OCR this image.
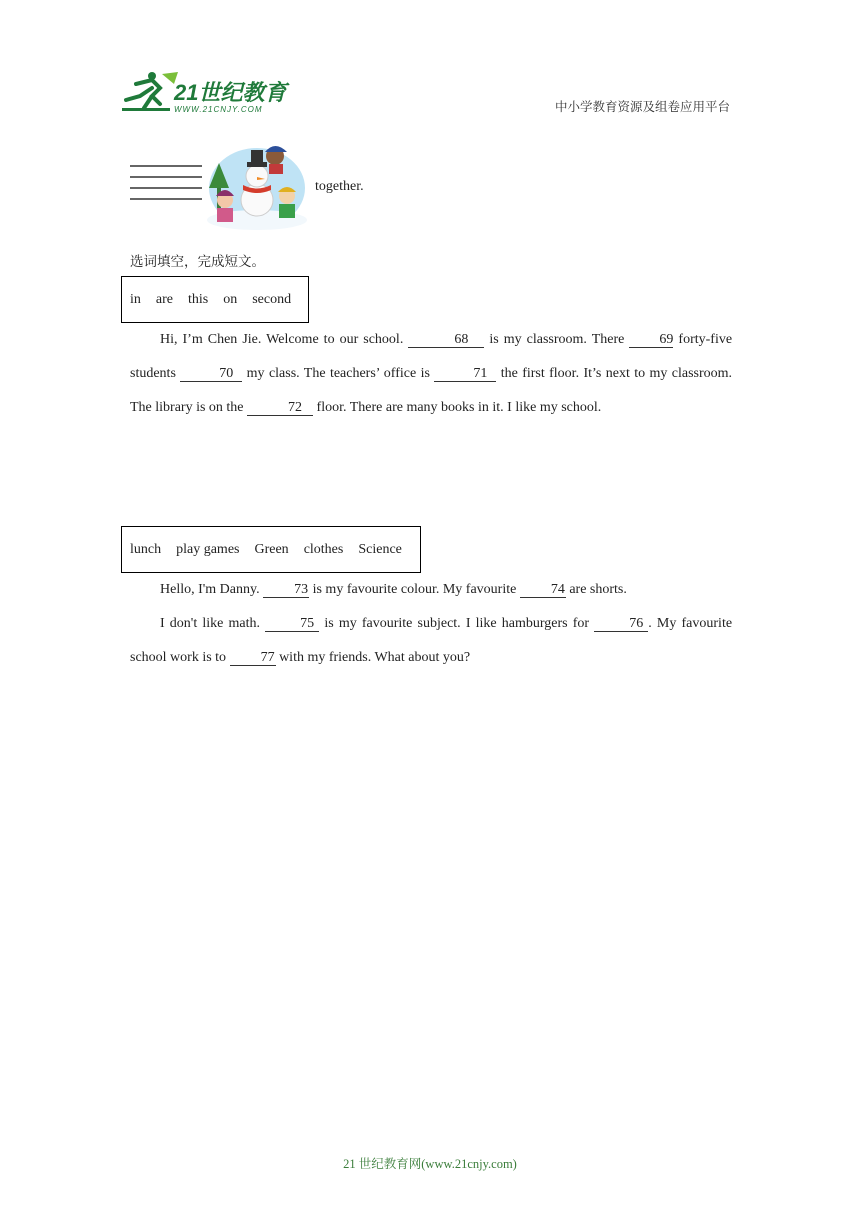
21世纪教育
WWW.21CNJY.COM	中小学教育资源及组卷应用平台
together.
选词填空，完成短文。
in are this on second

Hi, I’m Chen Jie. Welcome to our school.	68 is my classroom. There	69 forty-five students	70 my class. The teachers’ office is	71 the first floor. It’s next to my classroom. The library is on the	72 floor. There are many books in it. I like my school.

lunch play games Green clothes Science

Hello, I'm Danny. 73 is my favourite colour. My favourite 74 are shorts.

I don't like math.	75 is my favourite subject. I like hamburgers for	76 . My favourite school work is to 77 with my friends. What about you?

21 世纪教育网(www.21cnjy.com)
